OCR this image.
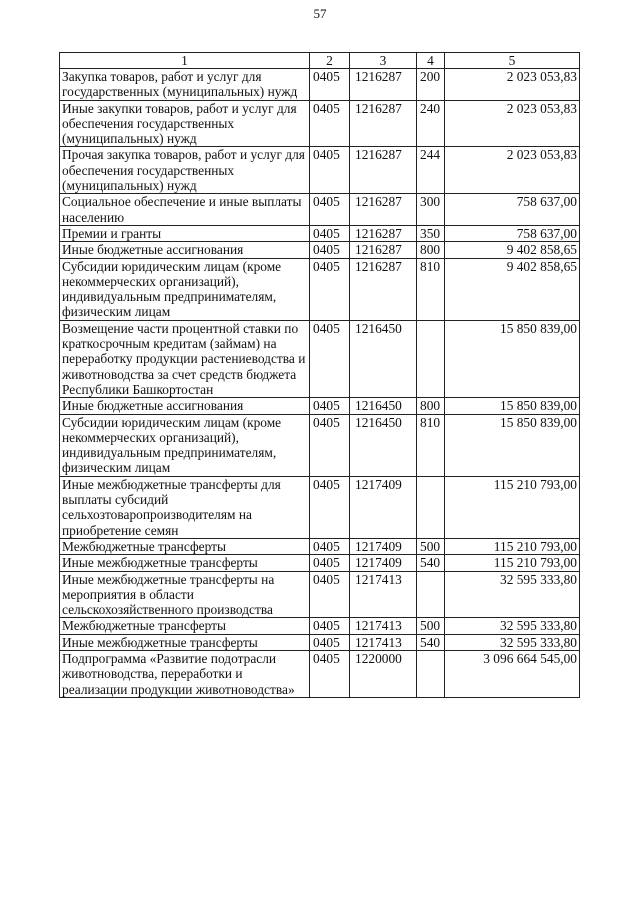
57
1	2	3	4	5
Закупка товаров, работ и услуг для государственных (муниципальных) нужд	0405	1216287	200	2 023 053,83
Иные закупки товаров, работ и услуг для обеспечения государственных (муниципальных) нужд	0405	1216287	240	2 023 053,83
Прочая закупка товаров, работ и услуг для обеспечения государственных (муниципальных) нужд	0405	1216287	244	2 023 053,83
Социальное обеспечение и иные выплаты населению	0405	1216287	300	758 637,00
Премии и гранты	0405	1216287	350	758 637,00
Иные бюджетные ассигнования	0405	1216287	800	9 402 858,65
Субсидии юридическим лицам (кроме некоммерческих организаций), индивидуальным предпринимателям, физическим лицам	0405	1216287	810	9 402 858,65
Возмещение части процентной ставки по краткосрочным кредитам (займам) на переработку продукции растениеводства и животноводства за счет средств бюджета Республики Башкортостан	0405	1216450		15 850 839,00
Иные бюджетные ассигнования	0405	1216450	800	15 850 839,00
Субсидии юридическим лицам (кроме некоммерческих организаций), индивидуальным предпринимателям, физическим лицам	0405	1216450	810	15 850 839,00
Иные межбюджетные трансферты для выплаты субсидий сельхозтоваропроизводителям на приобретение семян	0405	1217409		115 210 793,00
Межбюджетные трансферты	0405	1217409	500	115 210 793,00
Иные межбюджетные трансферты	0405	1217409	540	115 210 793,00
Иные межбюджетные трансферты на мероприятия в области сельскохозяйственного производства	0405	1217413		32 595 333,80
Межбюджетные трансферты	0405	1217413	500	32 595 333,80
Иные межбюджетные трансферты	0405	1217413	540	32 595 333,80
Подпрограмма «Развитие подотрасли животноводства, переработки и реализации продукции животноводства»	0405	1220000		3 096 664 545,00
